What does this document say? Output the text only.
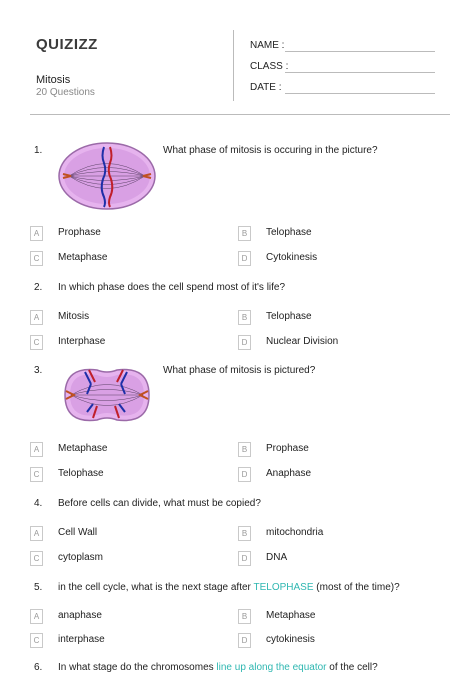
QUIZIZZ
Mitosis
20 Questions
NAME :
CLASS :
DATE :
1.	What phase of mitosis is occuring in the picture?
A	Prophase	B	Telophase
C	Metaphase	D	Cytokinesis
2. In which phase does the cell spend most of it's life?
A	Mitosis	B	Telophase
C	Interphase	D	Nuclear Division
3.	What phase of mitosis is pictured?
A	Metaphase	B	Prophase
C	Telophase	D	Anaphase
4. Before cells can divide, what must be copied?
A	Cell Wall	B	mitochondria
C	cytoplasm	D	DNA
5. in the cell cycle, what is the next stage after TELOPHASE (most of the time)?
A	anaphase	B	Metaphase
C	interphase	D	cytokinesis
6. In what stage do the chromosomes line up along the equator of the cell?
